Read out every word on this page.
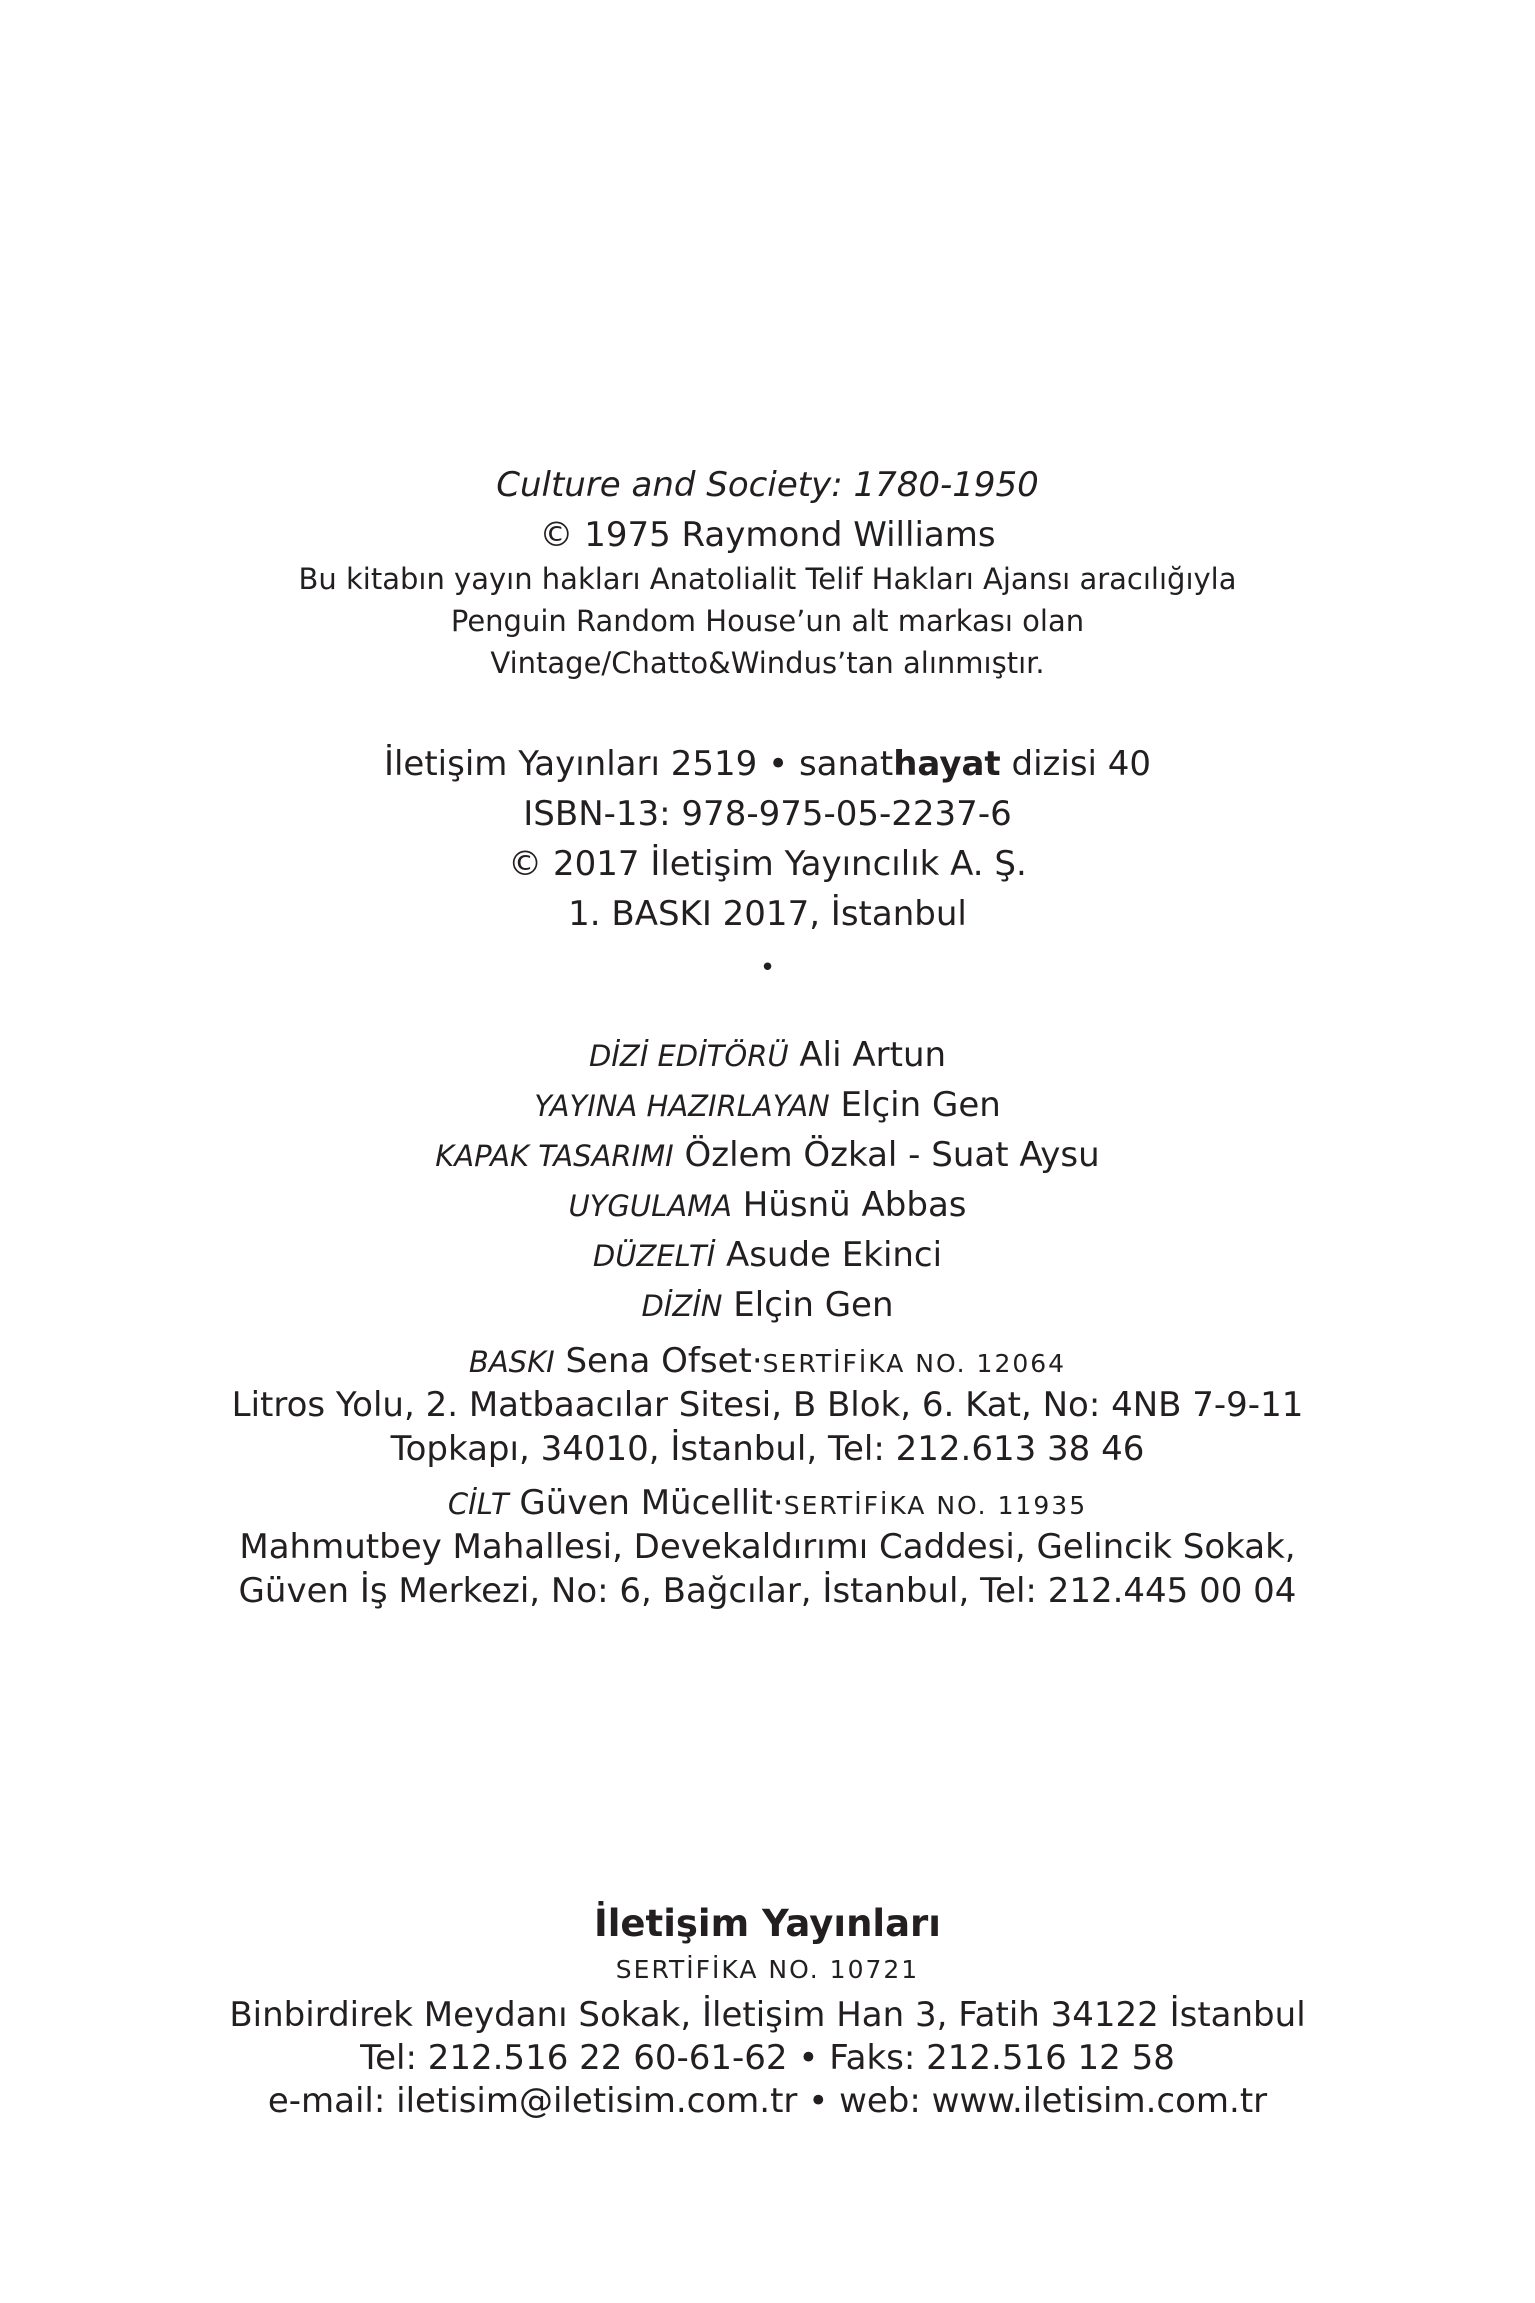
Culture and Society: 1780-1950
© 1975 Raymond Williams
Bu kitabın yayın hakları Anatolialit Telif Hakları Ajansı aracılığıyla
Penguin Random House’un alt markası olan
Vintage/Chatto&Windus’tan alınmıştır.
İletişim Yayınları 2519 • sanathayat dizisi 40
ISBN-13: 978-975-05-2237-6
© 2017 İletişim Yayıncılık A. Ş.
1. BASKI 2017, İstanbul
•
DİZİ EDİTÖRÜ Ali Artun
YAYINA HAZIRLAYAN Elçin Gen
KAPAK TASARIMI Özlem Özkal - Suat Aysu
UYGULAMA Hüsnü Abbas
DÜZELTİ Asude Ekinci
DİZİN Elçin Gen
BASKI Sena Ofset·SERTİFİKA NO. 12064
Litros Yolu, 2. Matbaacılar Sitesi, B Blok, 6. Kat, No: 4NB 7-9-11
Topkapı, 34010, İstanbul, Tel: 212.613 38 46
CİLT Güven Mücellit·SERTİFİKA NO. 11935
Mahmutbey Mahallesi, Devekaldırımı Caddesi, Gelincik Sokak,
Güven İş Merkezi, No: 6, Bağcılar, İstanbul, Tel: 212.445 00 04
İletişim Yayınları
SERTİFİKA NO. 10721
Binbirdirek Meydanı Sokak, İletişim Han 3, Fatih 34122 İstanbul
Tel: 212.516 22 60-61-62 • Faks: 212.516 12 58
e-mail: iletisim@iletisim.com.tr • web: www.iletisim.com.tr
